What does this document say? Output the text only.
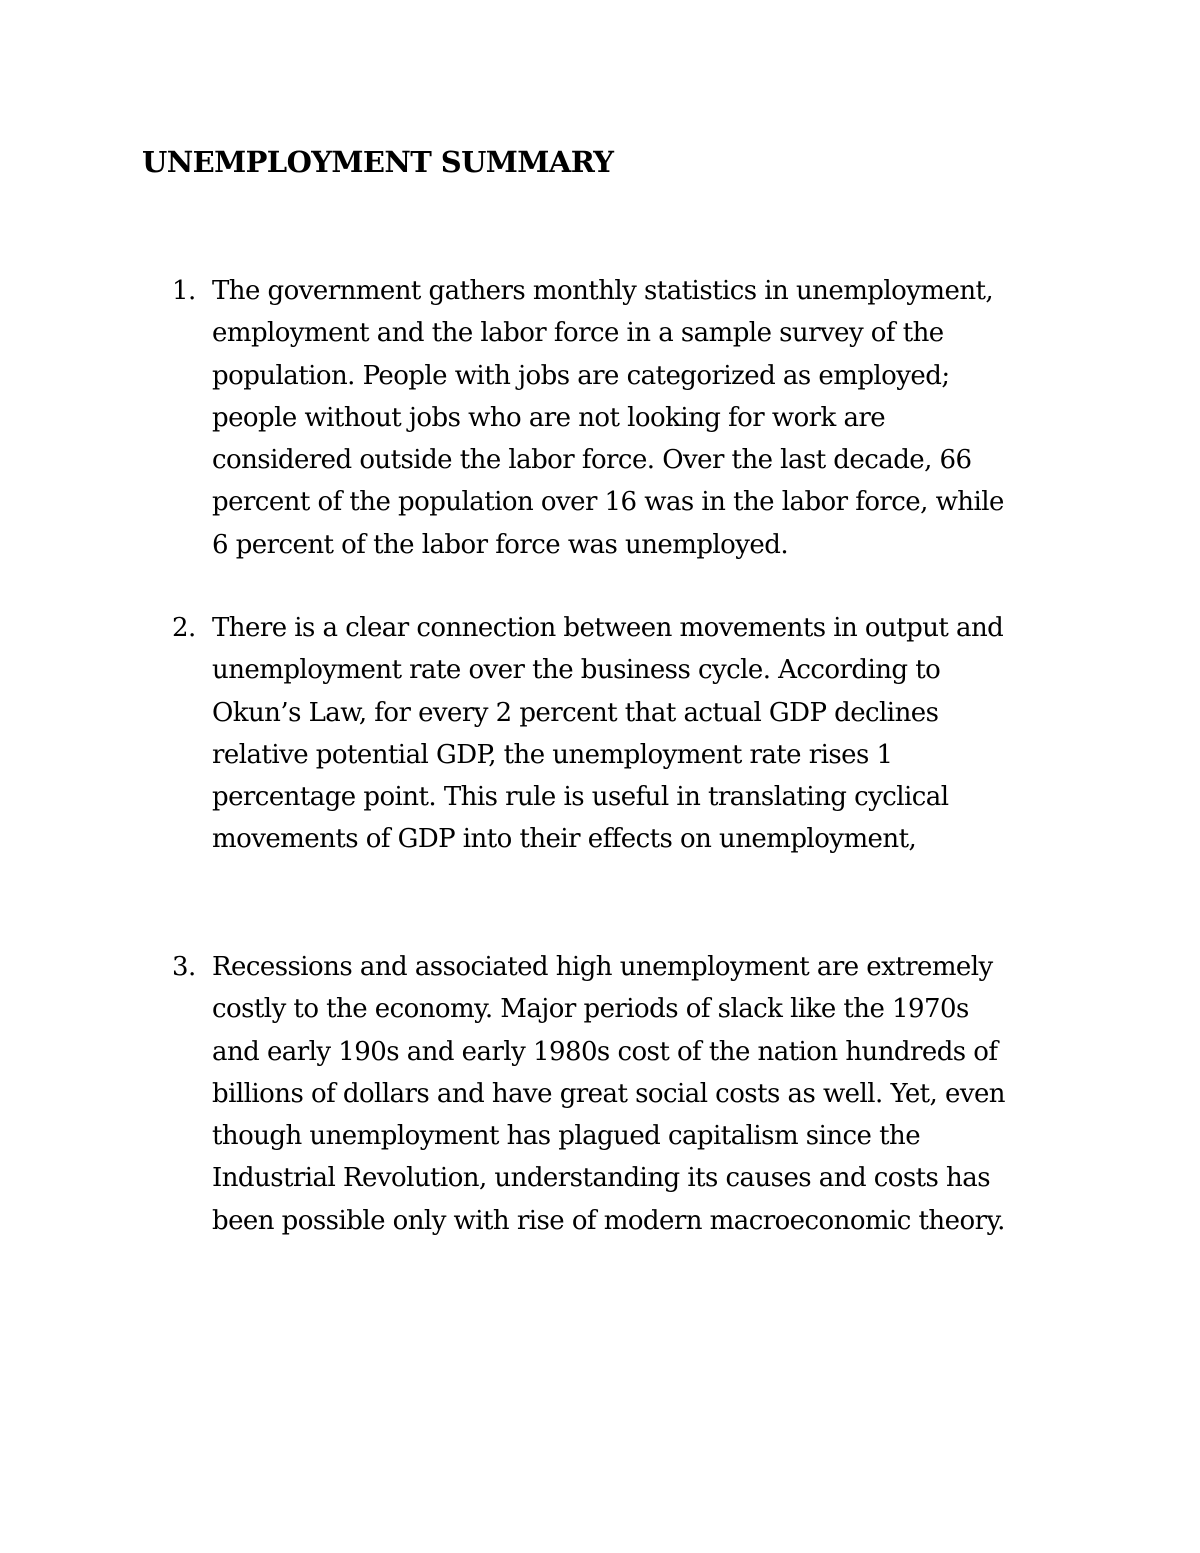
UNEMPLOYMENT SUMMARY
1. The government gathers monthly statistics in unemployment,
employment and the labor force in a sample survey of the
population. People with jobs are categorized as employed;
people without jobs who are not looking for work are
considered outside the labor force. Over the last decade, 66
percent of the population over 16 was in the labor force, while
6 percent of the labor force was unemployed.
2. There is a clear connection between movements in output and
unemployment rate over the business cycle. According to
Okun’s Law, for every 2 percent that actual GDP declines
relative potential GDP, the unemployment rate rises 1
percentage point. This rule is useful in translating cyclical
movements of GDP into their effects on unemployment,
3. Recessions and associated high unemployment are extremely
costly to the economy. Major periods of slack like the 1970s
and early 190s and early 1980s cost of the nation hundreds of
billions of dollars and have great social costs as well. Yet, even
though unemployment has plagued capitalism since the
Industrial Revolution, understanding its causes and costs has
been possible only with rise of modern macroeconomic theory.
